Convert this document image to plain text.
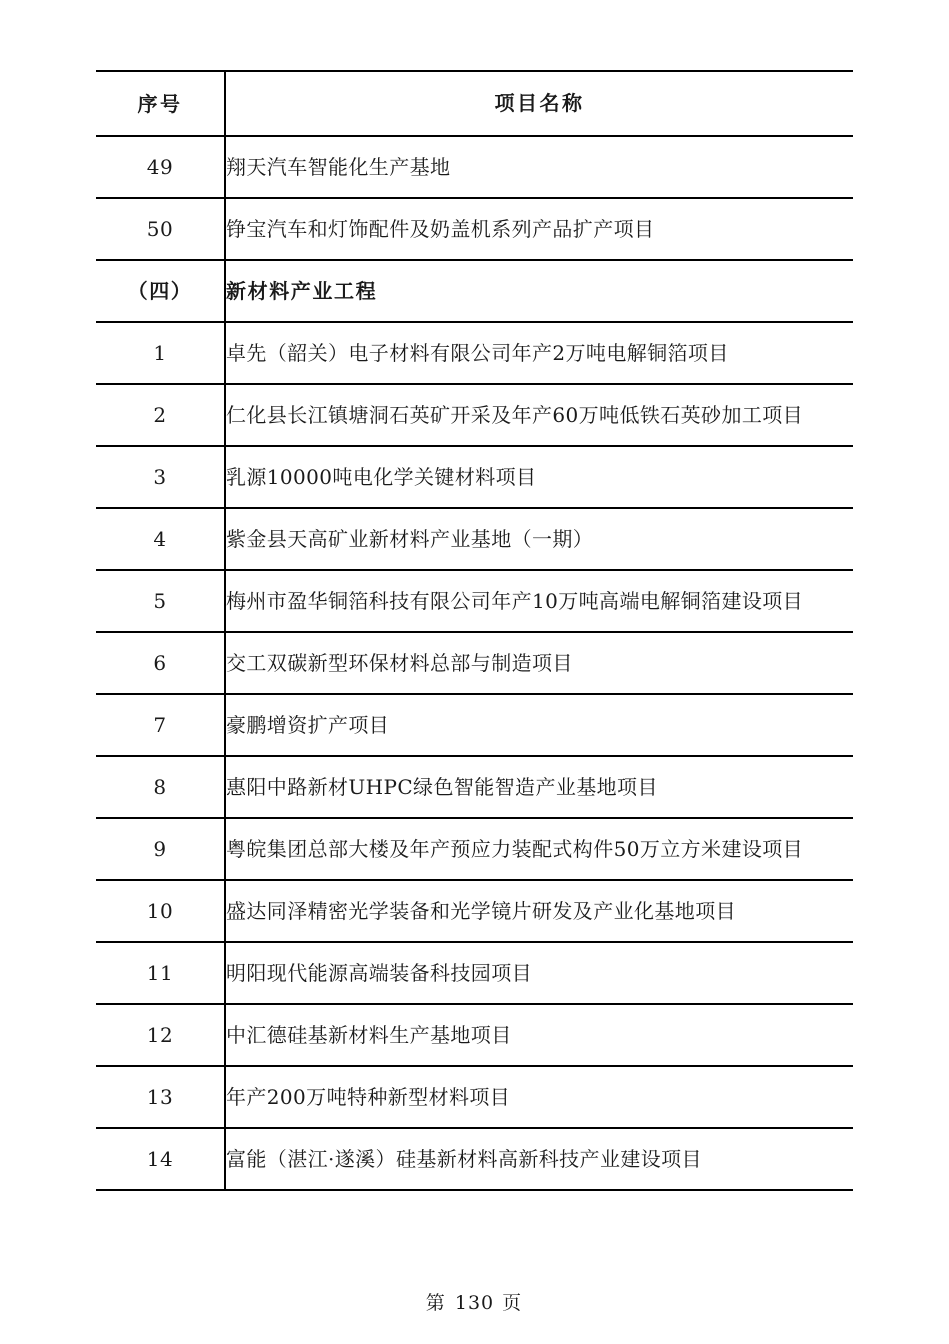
序号	项目名称
49	翔天汽车智能化生产基地
50	铮宝汽车和灯饰配件及奶盖机系列产品扩产项目
（四）	新材料产业工程
1	卓先（韶关）电子材料有限公司年产2万吨电解铜箔项目
2	仁化县长江镇塘洞石英矿开采及年产60万吨低铁石英砂加工项目
3	乳源10000吨电化学关键材料项目
4	紫金县天高矿业新材料产业基地（一期）
5	梅州市盈华铜箔科技有限公司年产10万吨高端电解铜箔建设项目
6	交工双碳新型环保材料总部与制造项目
7	豪鹏增资扩产项目
8	惠阳中路新材UHPC绿色智能智造产业基地项目
9	粤皖集团总部大楼及年产预应力装配式构件50万立方米建设项目
10	盛达同泽精密光学装备和光学镜片研发及产业化基地项目
11	明阳现代能源高端装备科技园项目
12	中汇德硅基新材料生产基地项目
13	年产200万吨特种新型材料项目
14	富能（湛江·遂溪）硅基新材料高新科技产业建设项目
第 130 页
